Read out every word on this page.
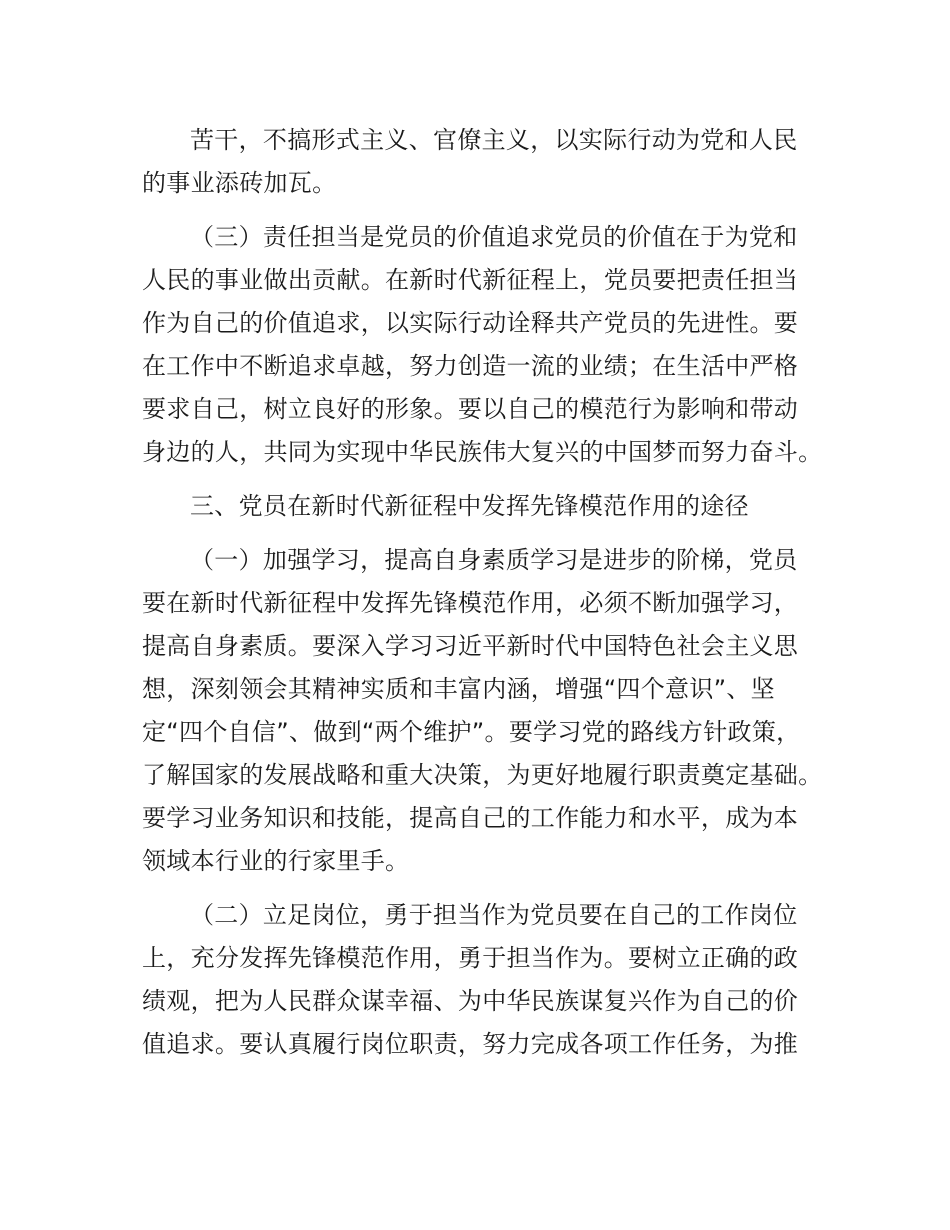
苦干，不搞形式主义、官僚主义，以实际行动为党和人民

的事业添砖加瓦。

（三）责任担当是党员的价值追求党员的价值在于为党和

人民的事业做出贡献。在新时代新征程上，党员要把责任担当

作为自己的价值追求，以实际行动诠释共产党员的先进性。要

在工作中不断追求卓越，努力创造一流的业绩；在生活中严格

要求自己，树立良好的形象。要以自己的模范行为影响和带动

身边的人，共同为实现中华民族伟大复兴的中国梦而努力奋斗。

三、党员在新时代新征程中发挥先锋模范作用的途径

（一）加强学习，提高自身素质学习是进步的阶梯，党员

要在新时代新征程中发挥先锋模范作用，必须不断加强学习，

提高自身素质。要深入学习习近平新时代中国特色社会主义思

想，深刻领会其精神实质和丰富内涵，增强“四个意识”、坚

定“四个自信”、做到“两个维护”。要学习党的路线方针政策，

了解国家的发展战略和重大决策，为更好地履行职责奠定基础。

要学习业务知识和技能，提高自己的工作能力和水平，成为本

领域本行业的行家里手。

（二）立足岗位，勇于担当作为党员要在自己的工作岗位

上，充分发挥先锋模范作用，勇于担当作为。要树立正确的政

绩观，把为人民群众谋幸福、为中华民族谋复兴作为自己的价

值追求。要认真履行岗位职责，努力完成各项工作任务，为推
